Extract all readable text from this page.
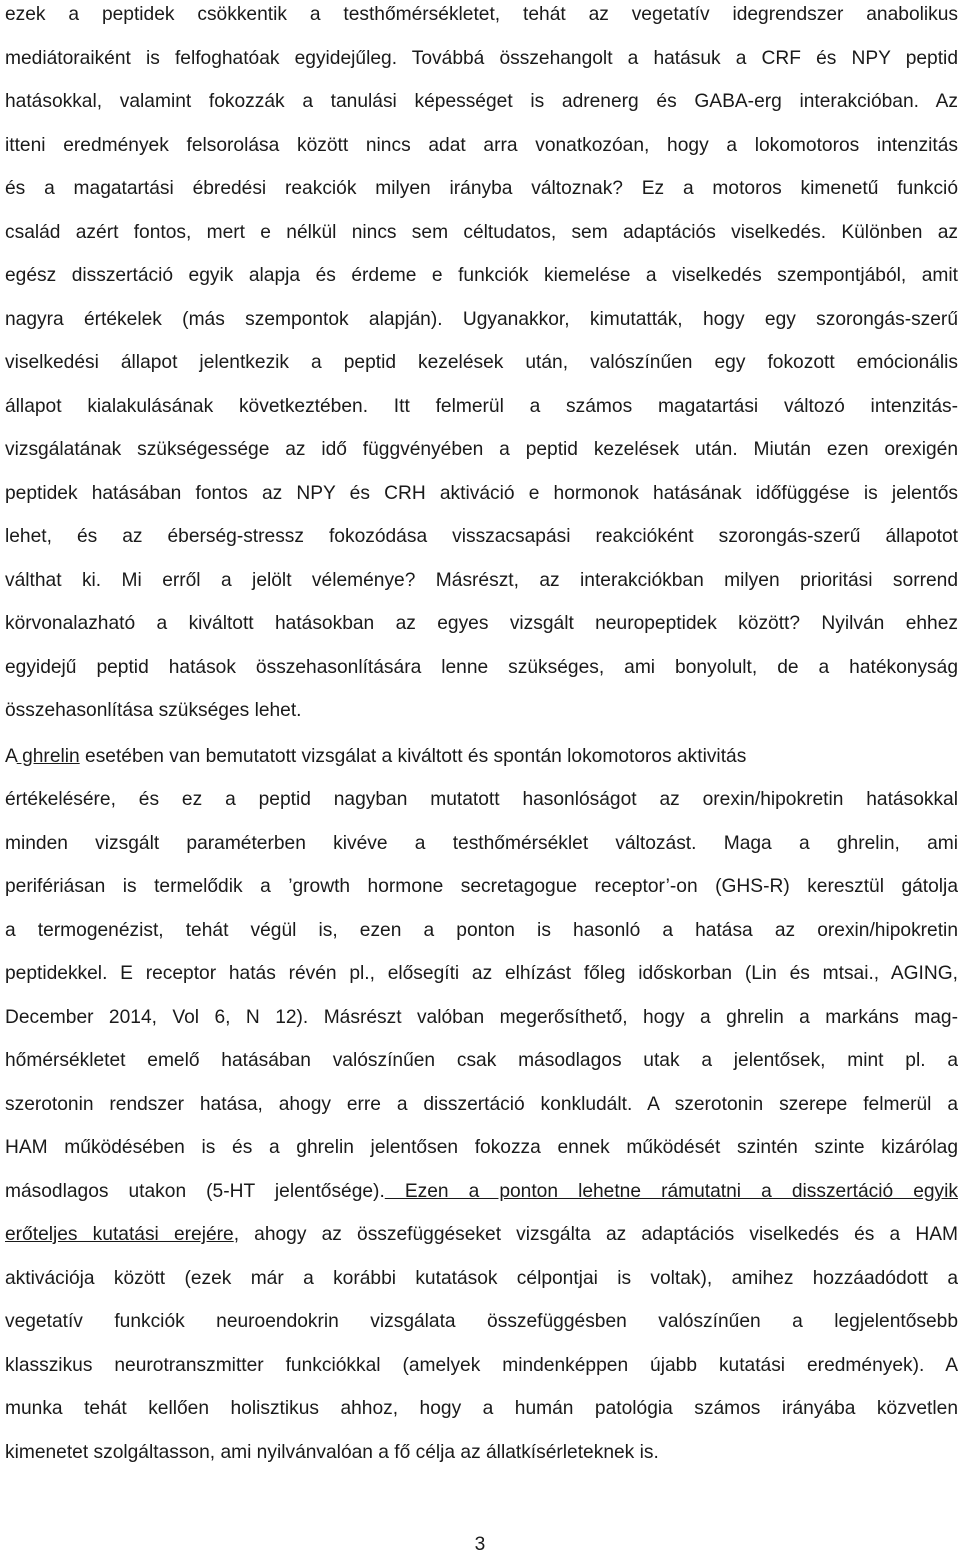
ezek a peptidek csökkentik a testhőmérsékletet, tehát az vegetatív idegrendszer anabolikus
mediátoraiként is felfoghatóak egyidejűleg. Továbbá összehangolt a hatásuk a CRF és NPY peptid
hatásokkal, valamint fokozzák a tanulási képességet is adrenerg és GABA-erg interakcióban. Az
itteni eredmények felsorolása között nincs adat arra vonatkozóan, hogy a lokomotoros intenzitás
és a magatartási ébredési reakciók milyen irányba változnak? Ez a motoros kimenetű funkció
család azért fontos, mert e nélkül nincs sem céltudatos, sem adaptációs viselkedés. Különben az
egész disszertáció egyik alapja és érdeme e funkciók kiemelése a viselkedés szempontjából, amit
nagyra értékelek (más szempontok alapján). Ugyanakkor, kimutatták, hogy egy szorongás-szerű
viselkedési állapot jelentkezik a peptid kezelések után, valószínűen egy fokozott emócionális
állapot kialakulásának következtében. Itt felmerül a számos magatartási változó intenzitás-
vizsgálatának szükségessége az idő függvényében a peptid kezelések után. Miután ezen orexigén
peptidek hatásában fontos az NPY és CRH aktiváció e hormonok hatásának időfüggése is jelentős
lehet, és az éberség-stressz fokozódása visszacsapási reakcióként szorongás-szerű állapotot
válthat ki. Mi erről a jelölt véleménye? Másrészt, az interakciókban milyen prioritási sorrend
körvonalazható a kiváltott hatásokban az egyes vizsgált neuropeptidek között? Nyilván ehhez
egyidejű peptid hatások összehasonlítására lenne szükséges, ami bonyolult, de a hatékonyság
összehasonlítása szükséges lehet.
A ghrelin esetében van bemutatott vizsgálat a kiváltott és spontán lokomotoros aktivitás
értékelésére, és ez a peptid nagyban mutatott hasonlóságot az orexin/hipokretin hatásokkal
minden vizsgált paraméterben kivéve a testhőmérséklet változást. Maga a ghrelin, ami
perifériásan is termelődik a ’growth hormone secretagogue receptor’-on (GHS-R) keresztül gátolja
a termogenézist, tehát végül is, ezen a ponton is hasonló a hatása az orexin/hipokretin
peptidekkel. E receptor hatás révén pl., elősegíti az elhízást főleg időskorban (Lin és mtsai., AGING,
December 2014, Vol 6, N 12). Másrészt valóban megerősíthető, hogy a ghrelin a markáns mag-
hőmérsékletet emelő hatásában valószínűen csak másodlagos utak a jelentősek, mint pl. a
szerotonin rendszer hatása, ahogy erre a disszertáció konkludált. A szerotonin szerepe felmerül a
HAM működésében is és a ghrelin jelentősen fokozza ennek működését szintén szinte kizárólag
másodlagos utakon (5-HT jelentősége). Ezen a ponton lehetne rámutatni a disszertáció egyik
erőteljes kutatási erejére, ahogy az összefüggéseket vizsgálta az adaptációs viselkedés és a HAM
aktivációja között (ezek már a korábbi kutatások célpontjai is voltak), amihez hozzáadódott a
vegetatív funkciók neuroendokrin vizsgálata összefüggésben valószínűen a legjelentősebb
klasszikus neurotranszmitter funkciókkal (amelyek mindenképpen újabb kutatási eredmények). A
munka tehát kellően holisztikus ahhoz, hogy a humán patológia számos irányába közvetlen
kimenetet szolgáltasson, ami nyilvánvalóan a fő célja az állatkísérleteknek is.
3
